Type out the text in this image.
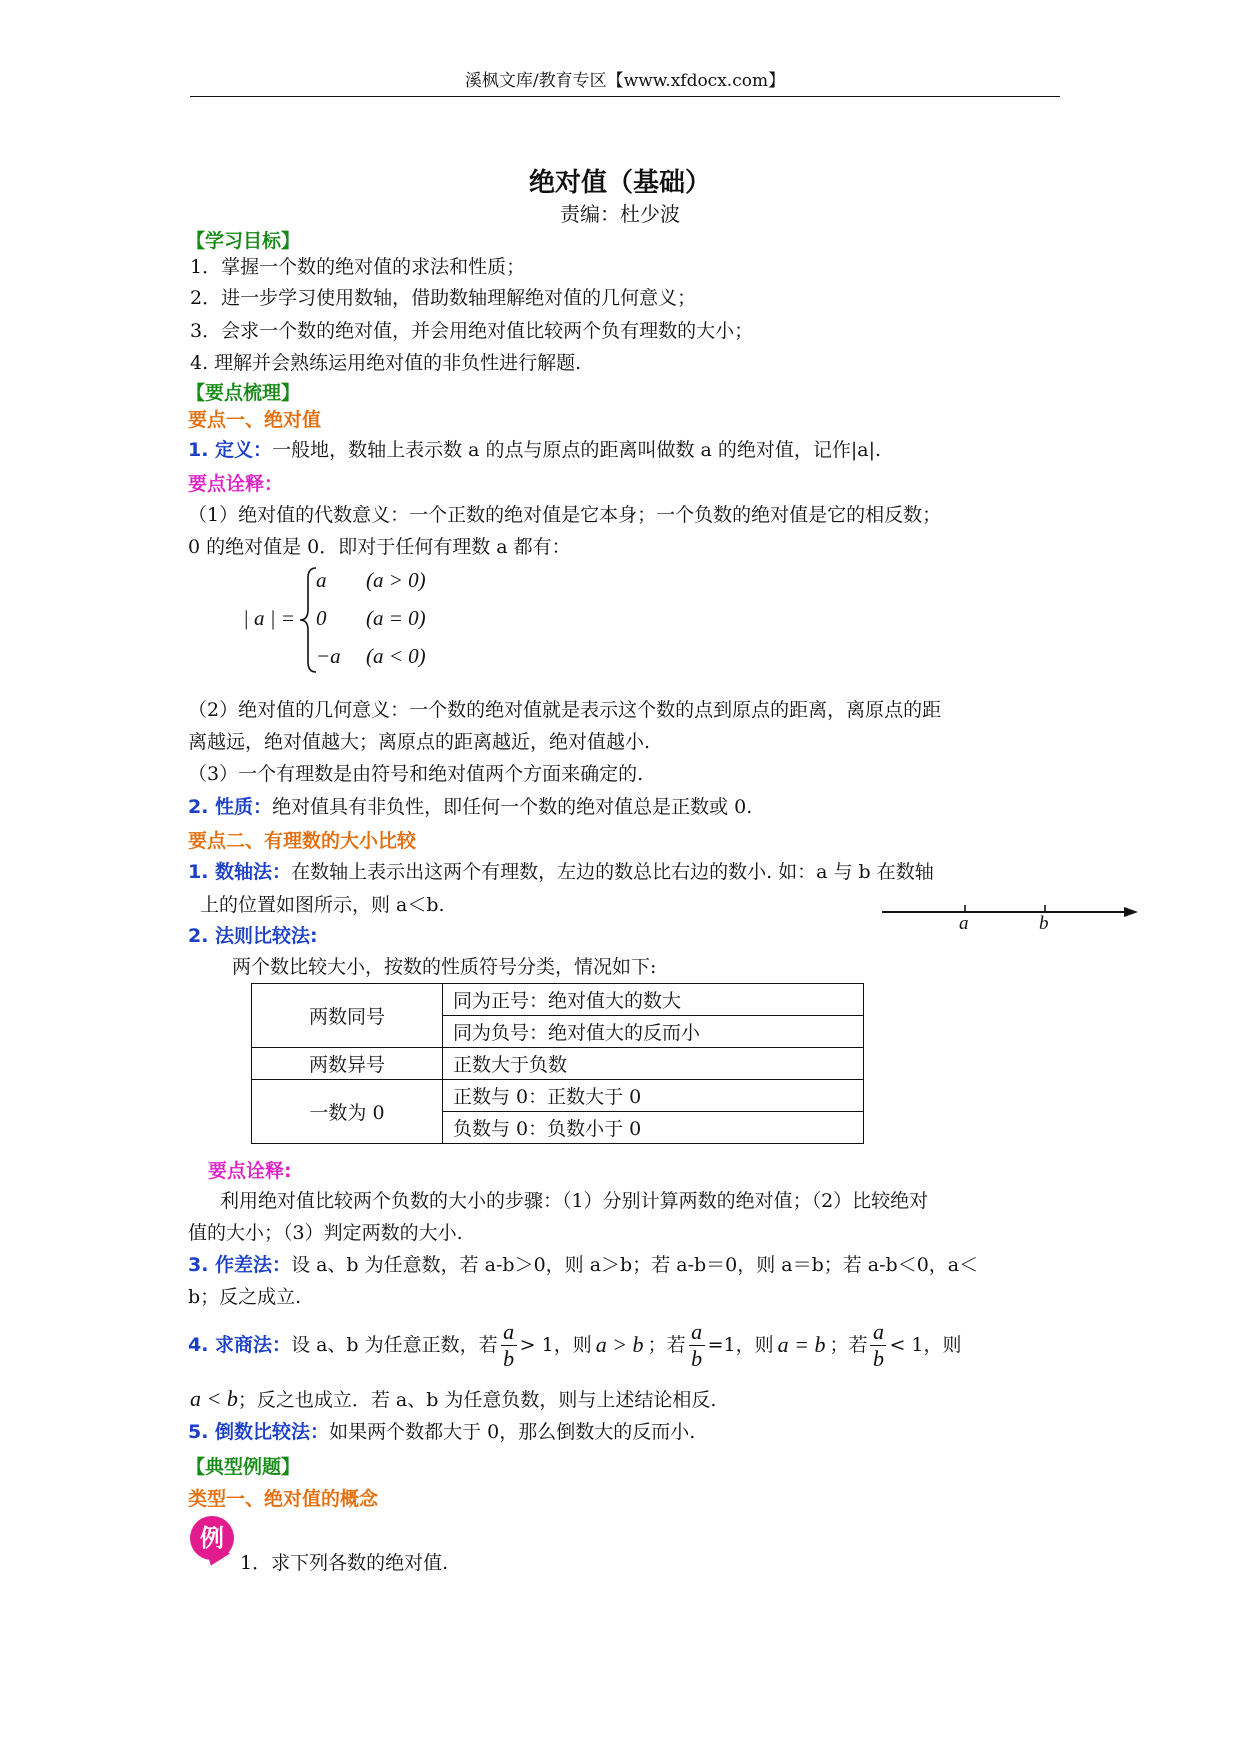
溪枫文库/教育专区【www.xfdocx.com】
绝对值（基础）
责编：杜少波
【学习目标】
1．掌握一个数的绝对值的求法和性质；
2．进一步学习使用数轴，借助数轴理解绝对值的几何意义；
3．会求一个数的绝对值，并会用绝对值比较两个负有理数的大小；
4. 理解并会熟练运用绝对值的非负性进行解题.
【要点梳理】
要点一、绝对值
1. 定义：一般地，数轴上表示数 a 的点与原点的距离叫做数 a 的绝对值，记作|a|.
要点诠释：
（1）绝对值的代数意义：一个正数的绝对值是它本身；一个负数的绝对值是它的相反数；
0 的绝对值是 0．即对于任何有理数 a 都有：
| a | =
a (a > 0)
0 (a = 0)
−a (a < 0)
（2）绝对值的几何意义：一个数的绝对值就是表示这个数的点到原点的距离，离原点的距
离越远，绝对值越大；离原点的距离越近，绝对值越小.
（3）一个有理数是由符号和绝对值两个方面来确定的.
2. 性质：绝对值具有非负性，即任何一个数的绝对值总是正数或 0.
要点二、有理数的大小比较
1. 数轴法：在数轴上表示出这两个有理数，左边的数总比右边的数小. 如：a 与 b 在数轴
上的位置如图所示，则 a＜b.
a	b
2. 法则比较法:
两个数比较大小，按数的性质符号分类，情况如下:
两数同号	同为正号：绝对值大的数大
	同为负号：绝对值大的反而小
两数异号	正数大于负数
一数为 0	正数与 0：正数大于 0
	负数与 0：负数小于 0
要点诠释:
利用绝对值比较两个负数的大小的步骤：（1）分别计算两数的绝对值；（2）比较绝对
值的大小；（3）判定两数的大小.
3. 作差法：设 a、b 为任意数，若 a-b＞0，则 a＞b；若 a-b＝0，则 a＝b；若 a-b＜0，a＜
b；反之成立.
4. 求商法： 设 a、b 为任意正数，若 $\frac{a}{b} > 1$，则 a > b ；若 $\frac{a}{b} =1$，则 a = b ；若 $\frac{a}{b} < 1$，则
a < b；反之也成立．若 a、b 为任意负数，则与上述结论相反.
5. 倒数比较法：如果两个数都大于 0，那么倒数大的反而小.
【典型例题】
类型一、绝对值的概念
例
1．求下列各数的绝对值.
